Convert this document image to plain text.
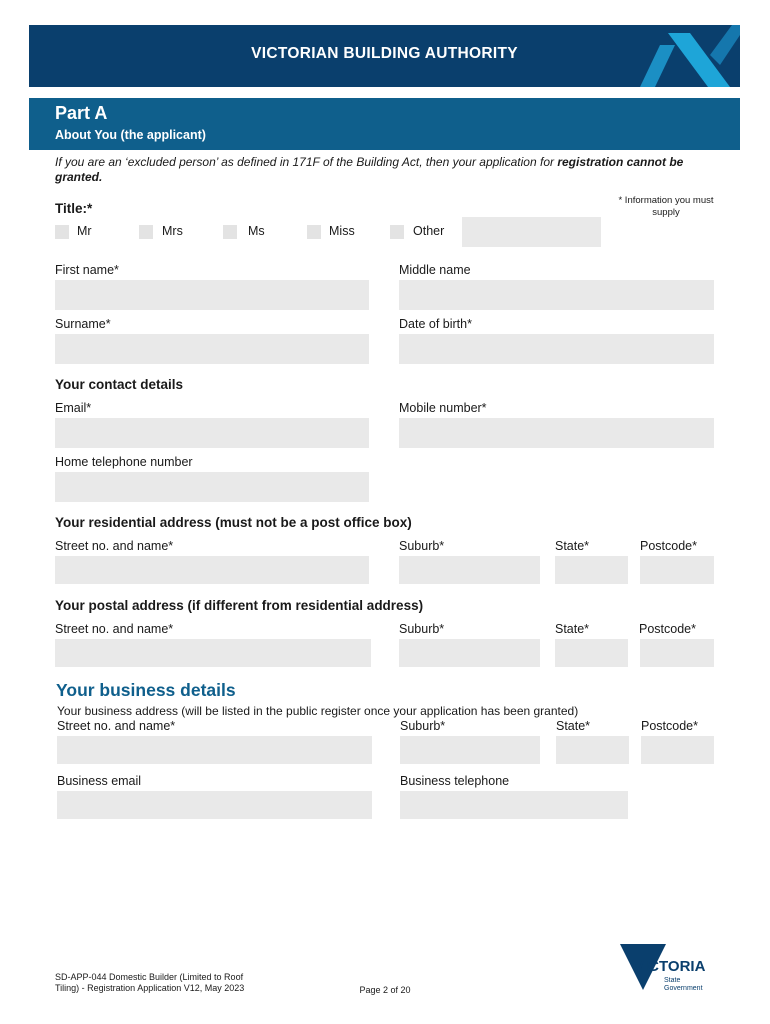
VICTORIAN BUILDING AUTHORITY
Part A
About You (the applicant)
If you are an ‘excluded person’ as defined in 171F of the Building Act, then your application for registration cannot be granted.
* Information you must supply
Title:*
Mr	Mrs	Ms	Miss	Other
First name*	Middle name
Surname*	Date of birth*
Your contact details
Email*	Mobile number*
Home telephone number
Your residential address (must not be a post office box)
Street no. and name*	Suburb*	State*	Postcode*
Your postal address (if different from residential address)
Street no. and name*	Suburb*	State*	Postcode*
Your business details
Your business address (will be listed in the public register once your application has been granted)
Street no. and name*	Suburb*	State*	Postcode*
Business email	Business telephone
SD-APP-044 Domestic Builder (Limited to Roof Tiling) - Registration Application V12, May 2023	Page 2 of 20
VICTORIA
State
Government
